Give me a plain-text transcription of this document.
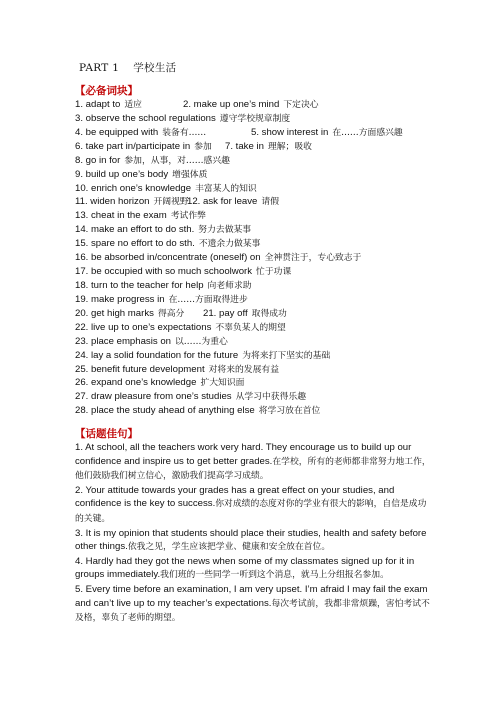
PART 1 学校生活
【必备词块】
1. adapt to 适应	2. make up one’s mind 下定决心
3. observe the school regulations 遵守学校规章制度
4. be equipped with 装备有……	5. show interest in 在……方面感兴趣
6. take part in/participate in 参加 7. take in 理解；吸收
8. go in for 参加，从事，对……感兴趣
9. build up one’s body 增强体质
10. enrich one’s knowledge 丰富某人的知识
11. widen horizon 开阔视野
12. ask for leave 请假
13. cheat in the exam 考试作弊
14. make an effort to do sth. 努力去做某事
15. spare no effort to do sth. 不遗余力做某事
16. be absorbed in/concentrate (oneself) on 全神贯注于，专心致志于
17. be occupied with so much schoolwork 忙于功课
18. turn to the teacher for help 向老师求助
19. make progress in 在……方面取得进步
20. get high marks 得高分 21. pay off 取得成功
22. live up to one’s expectations 不辜负某人的期望
23. place emphasis on 以……为重心
24. lay a solid foundation for the future 为将来打下坚实的基础
25. benefit future development 对将来的发展有益
26. expand one’s knowledge 扩大知识面
27. draw pleasure from one’s studies 从学习中获得乐趣
28. place the study ahead of anything else 将学习放在首位
【话题佳句】
1. At school, all the teachers work very hard. They encourage us to build up our confidence and inspire us to get better grades.在学校，所有的老师都非常努力地工作，他们鼓励我们树立信心，激励我们提高学习成绩。
2. Your attitude towards your grades has a great effect on your studies, and confidence is the key to success.你对成绩的态度对你的学业有很大的影响，自信是成功的关键。
3. It is my opinion that students should place their studies, health and safety before other things.依我之见，学生应该把学业、健康和安全放在首位。
4. Hardly had they got the news when some of my classmates signed up for it in groups immediately.我们班的一些同学一听到这个消息，就马上分组报名参加。
5. Every time before an examination, I am very upset. I’m afraid I may fail the exam and can’t live up to my teacher’s expectations.每次考试前，我都非常烦躁，害怕考试不及格，辜负了老师的期望。
